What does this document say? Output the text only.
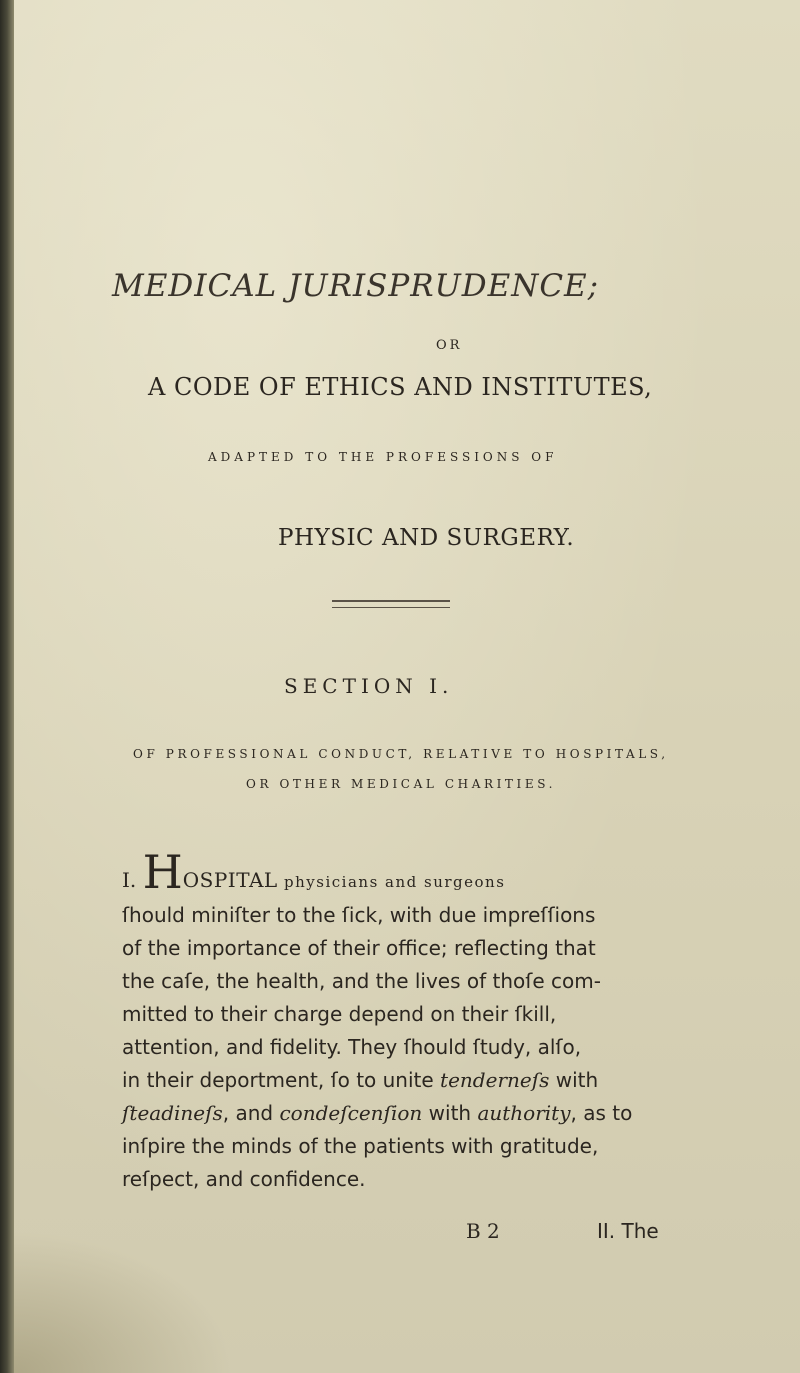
MEDICAL JURISPRUDENCE;
OR
A CODE OF ETHICS AND INSTITUTES,
ADAPTED TO THE PROFESSIONS OF
PHYSIC AND SURGERY.
SECTION I.
OF PROFESSIONAL CONDUCT, RELATIVE TO HOSPITALS,
OR OTHER MEDICAL CHARITIES.
I. HOSPITAL physicians and surgeons
ſhould miniſter to the ſick, with due impreſſions
of the importance of their office; reflecting that
the caſe, the health, and the lives of thoſe com-
mitted to their charge depend on their ſkill,
attention, and fidelity. They ſhould ſtudy, alſo,
in their deportment, ſo to unite tenderneſs with
ſteadineſs, and condeſcenſion with authority, as to
inſpire the minds of the patients with gratitude,
reſpect, and confidence.
B 2	II. The
